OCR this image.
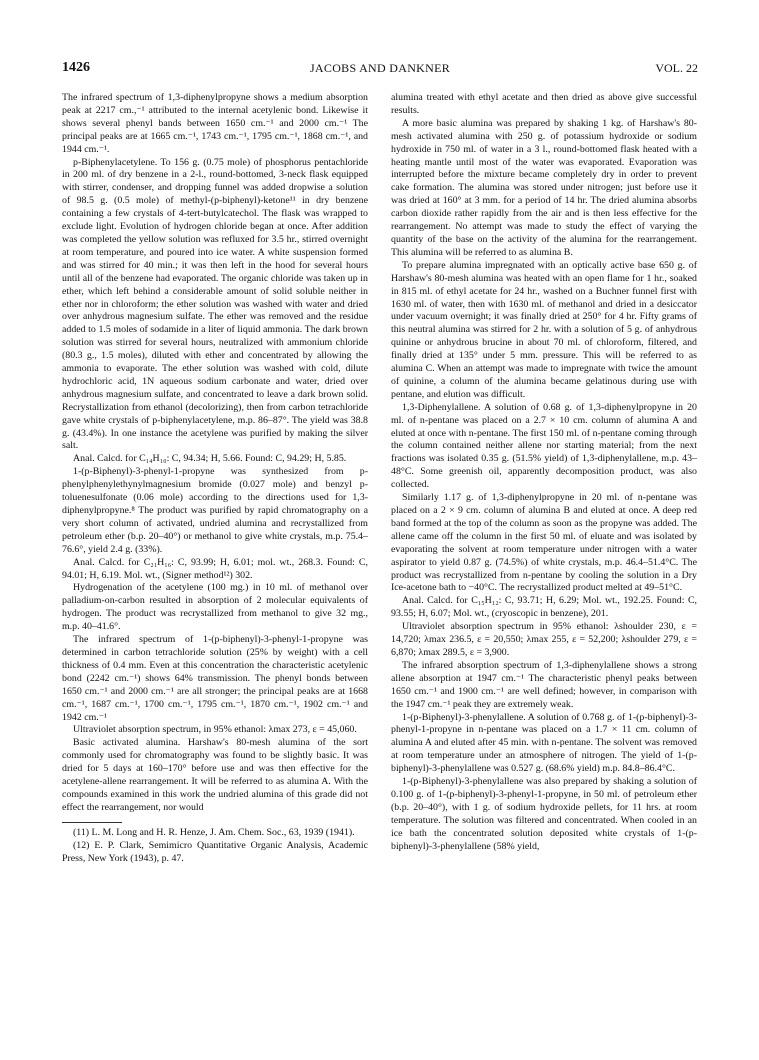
1426	JACOBS AND DANKNER	VOL. 22

The infrared spectrum of 1,3-diphenylpropyne shows a medium absorption peak at 2217 cm.,⁻¹ attributed to the internal acetylenic bond. Likewise it shows several phenyl bands between 1650 cm.⁻¹ and 2000 cm.⁻¹ The principal peaks are at 1665 cm.⁻¹, 1743 cm.⁻¹, 1795 cm.⁻¹, 1868 cm.⁻¹, and 1944 cm.⁻¹.

p-Biphenylacetylene. To 156 g. (0.75 mole) of phosphorus pentachloride in 200 ml. of dry benzene in a 2-l., round-bottomed, 3-neck flask equipped with stirrer, condenser, and dropping funnel was added dropwise a solution of 98.5 g. (0.5 mole) of methyl-(p-biphenyl)-ketone¹¹ in dry benzene containing a few crystals of 4-tert-butylcatechol. The flask was wrapped to exclude light. Evolution of hydrogen chloride began at once. After addition was completed the yellow solution was refluxed for 3.5 hr., stirred overnight at room temperature, and poured into ice water. A white suspension formed and was stirred for 40 min.; it was then left in the hood for several hours until all of the benzene had evaporated. The organic chloride was taken up in ether, which left behind a considerable amount of solid soluble neither in ether nor in chloroform; the ether solution was washed with water and dried over anhydrous magnesium sulfate. The ether was removed and the residue added to 1.5 moles of sodamide in a liter of liquid ammonia. The dark brown solution was stirred for several hours, neutralized with ammonium chloride (80.3 g., 1.5 moles), diluted with ether and concentrated by allowing the ammonia to evaporate. The ether solution was washed with cold, dilute hydrochloric acid, 1N aqueous sodium carbonate and water, dried over anhydrous magnesium sulfate, and concentrated to leave a dark brown solid. Recrystallization from ethanol (decolorizing), then from carbon tetrachloride gave white crystals of p-biphenylacetylene, m.p. 86–87°. The yield was 38.8 g. (43.4%). In one instance the acetylene was purified by making the silver salt.

Anal. Calcd. for C₁₄H₁₀: C, 94.34; H, 5.66. Found: C, 94.29; H, 5.85.

1-(p-Biphenyl)-3-phenyl-1-propyne was synthesized from p-phenylphenylethynylmagnesium bromide (0.027 mole) and benzyl p-toluenesulfonate (0.06 mole) according to the directions used for 1,3-diphenylpropyne.⁸ The product was purified by rapid chromatography on a very short column of activated, undried alumina and recrystallized from petroleum ether (b.p. 20–40°) or methanol to give white crystals, m.p. 75.4–76.6°, yield 2.4 g. (33%).

Anal. Calcd. for C₂₁H₁₆: C, 93.99; H, 6.01; mol. wt., 268.3. Found: C, 94.01; H, 6.19. Mol. wt., (Signer method¹²) 302.

Hydrogenation of the acetylene (100 mg.) in 10 ml. of methanol over palladium-on-carbon resulted in absorption of 2 molecular equivalents of hydrogen. The product was recrystallized from methanol to give 32 mg., m.p. 40–41.6°.

The infrared spectrum of 1-(p-biphenyl)-3-phenyl-1-propyne was determined in carbon tetrachloride solution (25% by weight) with a cell thickness of 0.4 mm. Even at this concentration the characteristic acetylenic bond (2242 cm.⁻¹) shows 64% transmission. The phenyl bonds between 1650 cm.⁻¹ and 2000 cm.⁻¹ are all stronger; the principal peaks are at 1668 cm.⁻¹, 1687 cm.⁻¹, 1700 cm.⁻¹, 1795 cm.⁻¹, 1870 cm.⁻¹, 1902 cm.⁻¹ and 1942 cm.⁻¹

Ultraviolet absorption spectrum, in 95% ethanol: λmax 273, ε = 45,060.

Basic activated alumina. Harshaw's 80-mesh alumina of the sort commonly used for chromatography was found to be slightly basic. It was dried for 5 days at 160–170° before use and was then effective for the acetylene-allene rearrangement. It will be referred to as alumina A. With the compounds examined in this work the undried alumina of this grade did not effect the rearrangement, nor would

(11) L. M. Long and H. R. Henze, J. Am. Chem. Soc., 63, 1939 (1941).

(12) E. P. Clark, Semimicro Quantitative Organic Analysis, Academic Press, New York (1943), p. 47.

alumina treated with ethyl acetate and then dried as above give successful results.

A more basic alumina was prepared by shaking 1 kg. of Harshaw's 80-mesh activated alumina with 250 g. of potassium hydroxide or sodium hydroxide in 750 ml. of water in a 3 l., round-bottomed flask heated with a heating mantle until most of the water was evaporated. Evaporation was interrupted before the mixture became completely dry in order to prevent cake formation. The alumina was stored under nitrogen; just before use it was dried at 160° at 3 mm. for a period of 14 hr. The dried alumina absorbs carbon dioxide rather rapidly from the air and is then less effective for the rearrangement. No attempt was made to study the effect of varying the quantity of the base on the activity of the alumina for the rearrangement. This alumina will be referred to as alumina B.

To prepare alumina impregnated with an optically active base 650 g. of Harshaw's 80-mesh alumina was heated with an open flame for 1 hr., soaked in 815 ml. of ethyl acetate for 24 hr., washed on a Buchner funnel first with 1630 ml. of water, then with 1630 ml. of methanol and dried in a desiccator under vacuum overnight; it was finally dried at 250° for 4 hr. Fifty grams of this neutral alumina was stirred for 2 hr. with a solution of 5 g. of anhydrous quinine or anhydrous brucine in about 70 ml. of chloroform, filtered, and finally dried at 135° under 5 mm. pressure. This will be referred to as alumina C. When an attempt was made to impregnate with twice the amount of quinine, a column of the alumina became gelatinous during use with pentane, and elution was difficult.

1,3-Diphenylallene. A solution of 0.68 g. of 1,3-diphenylpropyne in 20 ml. of n-pentane was placed on a 2.7 × 10 cm. column of alumina A and eluted at once with n-pentane. The first 150 ml. of n-pentane coming through the column contained neither allene nor starting material; from the next fractions was isolated 0.35 g. (51.5% yield) of 1,3-diphenylallene, m.p. 43–48°C. Some greenish oil, apparently decomposition product, was also collected.

Similarly 1.17 g. of 1,3-diphenylpropyne in 20 ml. of n-pentane was placed on a 2 × 9 cm. column of alumina B and eluted at once. A deep red band formed at the top of the column as soon as the propyne was added. The allene came off the column in the first 50 ml. of eluate and was isolated by evaporating the solvent at room temperature under nitrogen with a water aspirator to yield 0.87 g. (74.5%) of white crystals, m.p. 46.4–51.4°C. The product was recrystallized from n-pentane by cooling the solution in a Dry Ice-acetone bath to −40°C. The recrystallized product melted at 49–51°C.

Anal. Calcd. for C₁₅H₁₂: C, 93.71; H, 6.29; Mol. wt., 192.25. Found: C, 93.55; H, 6.07; Mol. wt., (cryoscopic in benzene), 201.

Ultraviolet absorption spectrum in 95% ethanol: λshoulder 230, ε = 14,720; λmax 236.5, ε = 20,550; λmax 255, ε = 52,200; λshoulder 279, ε = 6,870; λmax 289.5, ε = 3,900.

The infrared absorption spectrum of 1,3-diphenylallene shows a strong allene absorption at 1947 cm.⁻¹ The characteristic phenyl peaks between 1650 cm.⁻¹ and 1900 cm.⁻¹ are well defined; however, in comparison with the 1947 cm.⁻¹ peak they are extremely weak.

1-(p-Biphenyl)-3-phenylallene. A solution of 0.768 g. of 1-(p-biphenyl)-3-phenyl-1-propyne in n-pentane was placed on a 1.7 × 11 cm. column of alumina A and eluted after 45 min. with n-pentane. The solvent was removed at room temperature under an atmosphere of nitrogen. The yield of 1-(p-biphenyl)-3-phenylallene was 0.527 g. (68.6% yield) m.p. 84.8–86.4°C.

1-(p-Biphenyl)-3-phenylallene was also prepared by shaking a solution of 0.100 g. of 1-(p-biphenyl)-3-phenyl-1-propyne, in 50 ml. of petroleum ether (b.p. 20–40°), with 1 g. of sodium hydroxide pellets, for 11 hrs. at room temperature. The solution was filtered and concentrated. When cooled in an ice bath the concentrated solution deposited white crystals of 1-(p-biphenyl)-3-phenylallene (58% yield,
